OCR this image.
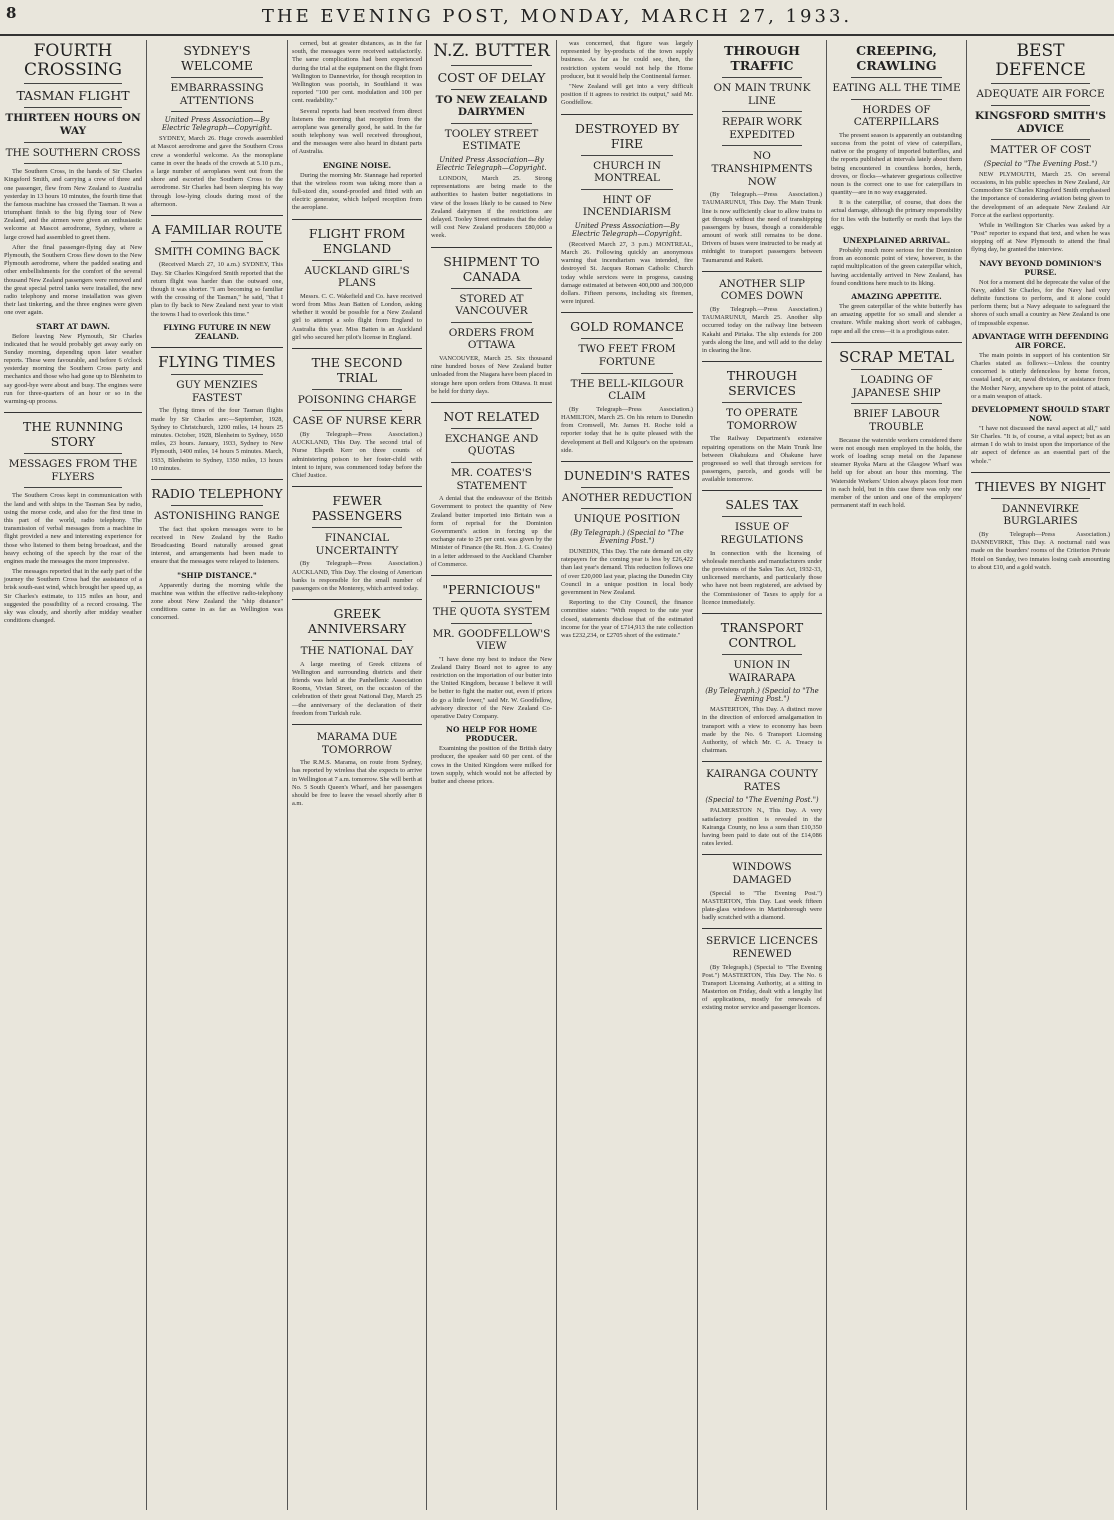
8	THE EVENING POST, MONDAY, MARCH 27, 1933.
FOURTH CROSSING
TASMAN FLIGHT
THIRTEEN HOURS ON WAY
THE SOUTHERN CROSS

The Southern Cross, in the hands of Sir Charles Kingsford Smith, and carrying a crew of three and one passenger, flew from New Zealand to Australia yesterday in 13 hours 10 minutes, the fourth time that the famous machine has crossed the Tasman. It was a triumphant finish to the big flying tour of New Zealand, and the airmen were given an enthusiastic welcome at Mascot aerodrome, Sydney, where a large crowd had assembled to greet them.

After the final passenger-flying day at New Plymouth, the Southern Cross flew down to the New Plymouth aerodrome, where the padded seating and other embellishments for the comfort of the several thousand New Zealand passengers were removed and the great special petrol tanks were installed, the new radio telephony and morse installation was given their last tinkering, and the three engines were given one over again.

START AT DAWN.

Before leaving New Plymouth, Sir Charles indicated that he would probably get away early on Sunday morning, depending upon later weather reports. These were favourable, and before 6 o'clock yesterday morning the Southern Cross party and mechanics and those who had gone up to Blenheim to say good-bye were about and busy. The engines were run for three-quarters of an hour or so in the warming-up process.

THE RUNNING STORY
MESSAGES FROM THE FLYERS

The Southern Cross kept in communication with the land and with ships in the Tasman Sea by radio, using the morse code, and also for the first time in this part of the world, radio telephony. The transmission of verbal messages from a machine in flight provided a new and interesting experience for those who listened to them being broadcast, and the heavy echoing of the speech by the roar of the engines made the messages the more impressive.

The messages reported that in the early part of the journey the Southern Cross had the assistance of a brisk south-east wind, which brought her speed up, as Sir Charles's estimate, to 115 miles an hour, and suggested the possibility of a record crossing. The sky was cloudy, and shortly after midday weather conditions changed.

SYDNEY'S WELCOME
EMBARRASSING ATTENTIONS
United Press Association—By Electric Telegraph—Copyright.

SYDNEY, March 26. Huge crowds assembled at Mascot aerodrome and gave the Southern Cross crew a wonderful welcome. As the monoplane came in over the heads of the crowds at 5.10 p.m., a large number of aeroplanes went out from the shore and escorted the Southern Cross to the aerodrome. Sir Charles had been sleeping his way through low-lying clouds during most of the afternoon.

A FAMILIAR ROUTE
SMITH COMING BACK

(Received March 27, 10 a.m.) SYDNEY, This Day. Sir Charles Kingsford Smith reported that the return flight was harder than the outward one, though it was shorter. "I am becoming so familiar with the crossing of the Tasman," he said, "that I plan to fly back to New Zealand next year to visit the towns I had to overlook this time."

FLYING FUTURE IN NEW ZEALAND.
FLYING TIMES
GUY MENZIES FASTEST

The flying times of the four Tasman flights made by Sir Charles are:—September, 1928, Sydney to Christchurch, 1200 miles, 14 hours 25 minutes. October, 1928, Blenheim to Sydney, 1650 miles, 23 hours. January, 1933, Sydney to New Plymouth, 1400 miles, 14 hours 5 minutes. March, 1933, Blenheim to Sydney, 1350 miles, 13 hours 10 minutes.

RADIO TELEPHONY
ASTONISHING RANGE

The fact that spoken messages were to be received in New Zealand by the Radio Broadcasting Board naturally aroused great interest, and arrangements had been made to ensure that the messages were relayed to listeners.

"SHIP DISTANCE."

Apparently during the morning while the machine was within the effective radio-telephony zone about New Zealand the "ship distance" conditions came in as far as Wellington was concerned.

cerned, but at greater distances, as in the far south, the messages were received satisfactorily. The same complications had been experienced during the trial at the equipment on the flight from Wellington to Dannevirke, for though reception in Wellington was poorish, in Southland it was reported "100 per cent. modulation and 100 per cent. readability."

Several reports had been received from direct listeners the morning that reception from the aeroplane was generally good, he said. In the far south telephony was well received throughout, and the messages were also heard in distant parts of Australia.

ENGINE NOISE.

During the morning Mr. Stannage had reported that the wireless room was taking more than a full-sized din, sound-proofed and fitted with an electric generator, which helped reception from the aeroplane.

FLIGHT FROM ENGLAND
AUCKLAND GIRL'S PLANS

Messrs. C. C. Wakefield and Co. have received word from Miss Jean Batten of London, asking whether it would be possible for a New Zealand girl to attempt a solo flight from England to Australia this year. Miss Batten is an Auckland girl who secured her pilot's license in England.

THE SECOND TRIAL
POISONING CHARGE
CASE OF NURSE KERR

(By Telegraph—Press Association.) AUCKLAND, This Day. The second trial of Nurse Elspeth Kerr on three counts of administering poison to her foster-child with intent to injure, was commenced today before the Chief Justice.

FEWER PASSENGERS
FINANCIAL UNCERTAINTY

(By Telegraph—Press Association.) AUCKLAND, This Day. The closing of American banks is responsible for the small number of passengers on the Monterey, which arrived today.

GREEK ANNIVERSARY
THE NATIONAL DAY

A large meeting of Greek citizens of Wellington and surrounding districts and their friends was held at the Panhellenic Association Rooms, Vivian Street, on the occasion of the celebration of their great National Day, March 25—the anniversary of the declaration of their freedom from Turkish rule.

MARAMA DUE TOMORROW

The R.M.S. Marama, on route from Sydney, has reported by wireless that she expects to arrive in Wellington at 7 a.m. tomorrow. She will berth at No. 5 South Queen's Wharf, and her passengers should be free to leave the vessel shortly after 8 a.m.

N.Z. BUTTER
COST OF DELAY
TO NEW ZEALAND DAIRYMEN
TOOLEY STREET ESTIMATE
United Press Association—By Electric Telegraph—Copyright.

LONDON, March 25. Strong representations are being made to the authorities to hasten butter negotiations in view of the losses likely to be caused to New Zealand dairymen if the restrictions are delayed. Tooley Street estimates that the delay will cost New Zealand producers £80,000 a week.

SHIPMENT TO CANADA
STORED AT VANCOUVER
ORDERS FROM OTTAWA

VANCOUVER, March 25. Six thousand nine hundred boxes of New Zealand butter unloaded from the Niagara have been placed in storage here upon orders from Ottawa. It must be held for thirty days.

NOT RELATED
EXCHANGE AND QUOTAS
MR. COATES'S STATEMENT

A denial that the endeavour of the British Government to protect the quantity of New Zealand butter imported into Britain was a form of reprisal for the Dominion Government's action in forcing up the exchange rate to 25 per cent. was given by the Minister of Finance (the Rt. Hon. J. G. Coates) in a letter addressed to the Auckland Chamber of Commerce.

"PERNICIOUS"
THE QUOTA SYSTEM
MR. GOODFELLOW'S VIEW

"I have done my best to induce the New Zealand Dairy Board not to agree to any restriction on the importation of our butter into the United Kingdom, because I believe it will be better to fight the matter out, even if prices do go a little lower," said Mr. W. Goodfellow, advisory director of the New Zealand Co-operative Dairy Company.

NO HELP FOR HOME PRODUCER.

Examining the position of the British dairy producer, the speaker said 60 per cent. of the cows in the United Kingdom were milked for town supply, which would not be affected by butter and cheese prices.

was concerned, that figure was largely represented by by-products of the town supply business. As far as he could see, then, the restriction system would not help the Home producer, but it would help the Continental farmer.

"New Zealand will get into a very difficult position if it agrees to restrict its output," said Mr. Goodfellow.

DESTROYED BY FIRE
CHURCH IN MONTREAL
HINT OF INCENDIARISM
United Press Association—By Electric Telegraph—Copyright.

(Received March 27, 3 p.m.) MONTREAL, March 26. Following quickly an anonymous warning that incendiarism was intended, fire destroyed St. Jacques Roman Catholic Church today while services were in progress, causing damage estimated at between 400,000 and 300,000 dollars. Fifteen persons, including six firemen, were injured.

GOLD ROMANCE
TWO FEET FROM FORTUNE
THE BELL-KILGOUR CLAIM

(By Telegraph—Press Association.) HAMILTON, March 25. On his return to Dunedin from Cromwell, Mr. James H. Roche told a reporter today that he is quite pleased with the development at Bell and Kilgour's on the upstream side.

DUNEDIN'S RATES
ANOTHER REDUCTION
UNIQUE POSITION
(By Telegraph.) (Special to "The Evening Post.")

DUNEDIN, This Day. The rate demand on city ratepayers for the coming year is less by £26,422 than last year's demand. This reduction follows one of over £20,000 last year, placing the Dunedin City Council in a unique position in local body government in New Zealand.

Reporting to the City Council, the finance committee states: "With respect to the rate year closed, statements disclose that of the estimated income for the year of £714,913 the rate collection was £232,234, or £2705 short of the estimate."

THROUGH TRAFFIC
ON MAIN TRUNK LINE
REPAIR WORK EXPEDITED
NO TRANSHIPMENTS NOW

(By Telegraph.—Press Association.) TAUMARUNUI, This Day. The Main Trunk line is now sufficiently clear to allow trains to get through without the need of transhipping passengers by buses, though a considerable amount of work still remains to be done. Drivers of buses were instructed to be ready at midnight to transport passengers between Taumarunui and Raketi.

ANOTHER SLIP COMES DOWN

(By Telegraph.—Press Association.) TAUMARUNUI, March 25. Another slip occurred today on the railway line between Kakahi and Piriaka. The slip extends for 200 yards along the line, and will add to the delay in clearing the line.

THROUGH SERVICES
TO OPERATE TOMORROW

The Railway Department's extensive repairing operations on the Main Trunk line between Okahukura and Ohakune have progressed so well that through services for passengers, parcels, and goods will be available tomorrow.

SALES TAX
ISSUE OF REGULATIONS

In connection with the licensing of wholesale merchants and manufacturers under the provisions of the Sales Tax Act, 1932-33, unlicensed merchants, and particularly those who have not been registered, are advised by the Commissioner of Taxes to apply for a licence immediately.

TRANSPORT CONTROL
UNION IN WAIRARAPA
(By Telegraph.) (Special to "The Evening Post.")

MASTERTON, This Day. A distinct move in the direction of enforced amalgamation in transport with a view to economy has been made by the No. 6 Transport Licensing Authority, of which Mr. C. A. Treacy is chairman.

KAIRANGA COUNTY RATES
(Special to "The Evening Post.")

PALMERSTON N., This Day. A very satisfactory position is revealed in the Kairanga County, no less a sum than £10,350 having been paid to date out of the £14,086 rates levied.

WINDOWS DAMAGED

(Special to "The Evening Post.") MASTERTON, This Day. Last week fifteen plate-glass windows in Martinborough were badly scratched with a diamond.

SERVICE LICENCES RENEWED

(By Telegraph.) (Special to "The Evening Post.") MASTERTON, This Day. The No. 6 Transport Licensing Authority, at a sitting in Masterton on Friday, dealt with a lengthy list of applications, mostly for renewals of existing motor service and passenger licences.

CREEPING, CRAWLING
EATING ALL THE TIME
HORDES OF CATERPILLARS

The present season is apparently an outstanding success from the point of view of caterpillars, native or the progeny of imported butterflies, and the reports published at intervals lately about them being encountered in countless hordes, herds, droves, or flocks—whatever gregarious collective noun is the correct one to use for caterpillars in quantity—are in no way exaggerated.

It is the caterpillar, of course, that does the actual damage, although the primary responsibility for it lies with the butterfly or moth that lays the eggs.

UNEXPLAINED ARRIVAL.

Probably much more serious for the Dominion from an economic point of view, however, is the rapid multiplication of the green caterpillar which, having accidentally arrived in New Zealand, has found conditions here much to its liking.

AMAZING APPETITE.

The green caterpillar of the white butterfly has an amazing appetite for so small and slender a creature. While making short work of cabbages, rape and all the cress—it is a prodigious eater.

SCRAP METAL
LOADING OF JAPANESE SHIP
BRIEF LABOUR TROUBLE

Because the waterside workers considered there were not enough men employed in the holds, the work of loading scrap metal on the Japanese steamer Ryoka Maru at the Glasgow Wharf was held up for about an hour this morning. The Waterside Workers' Union always places four men in each hold, but in this case there was only one member of the union and one of the employers' permanent staff in each hold.

BEST DEFENCE
ADEQUATE AIR FORCE
KINGSFORD SMITH'S ADVICE
MATTER OF COST
(Special to "The Evening Post.")

NEW PLYMOUTH, March 25. On several occasions, in his public speeches in New Zealand, Air Commodore Sir Charles Kingsford Smith emphasised the importance of considering aviation being given to the development of an adequate New Zealand Air Force at the earliest opportunity.

While in Wellington Sir Charles was asked by a "Post" reporter to expand that text, and when he was stopping off at New Plymouth to attend the final flying day, he granted the interview.

NAVY BEYOND DOMINION'S PURSE.

Not for a moment did he deprecate the value of the Navy, added Sir Charles, for the Navy had very definite functions to perform, and it alone could perform them; but a Navy adequate to safeguard the shores of such small a country as New Zealand is one of impossible expense.

ADVANTAGE WITH DEFENDING AIR FORCE.

The main points in support of his contention Sir Charles stated as follows:—Unless the country concerned is utterly defenceless by home forces, coastal land, or air, naval division, or assistance from the Mother Navy, anywhere up to the point of attack, or a main weapon of attack.

DEVELOPMENT SHOULD START NOW.

"I have not discussed the naval aspect at all," said Sir Charles. "It is, of course, a vital aspect; but as an airman I do wish to insist upon the importance of the air aspect of defence as an essential part of the whole."

THIEVES BY NIGHT
DANNEVIRKE BURGLARIES

(By Telegraph—Press Association.) DANNEVIRKE, This Day. A nocturnal raid was made on the boarders' rooms of the Criterion Private Hotel on Sunday, two inmates losing cash amounting to about £10, and a gold watch.
